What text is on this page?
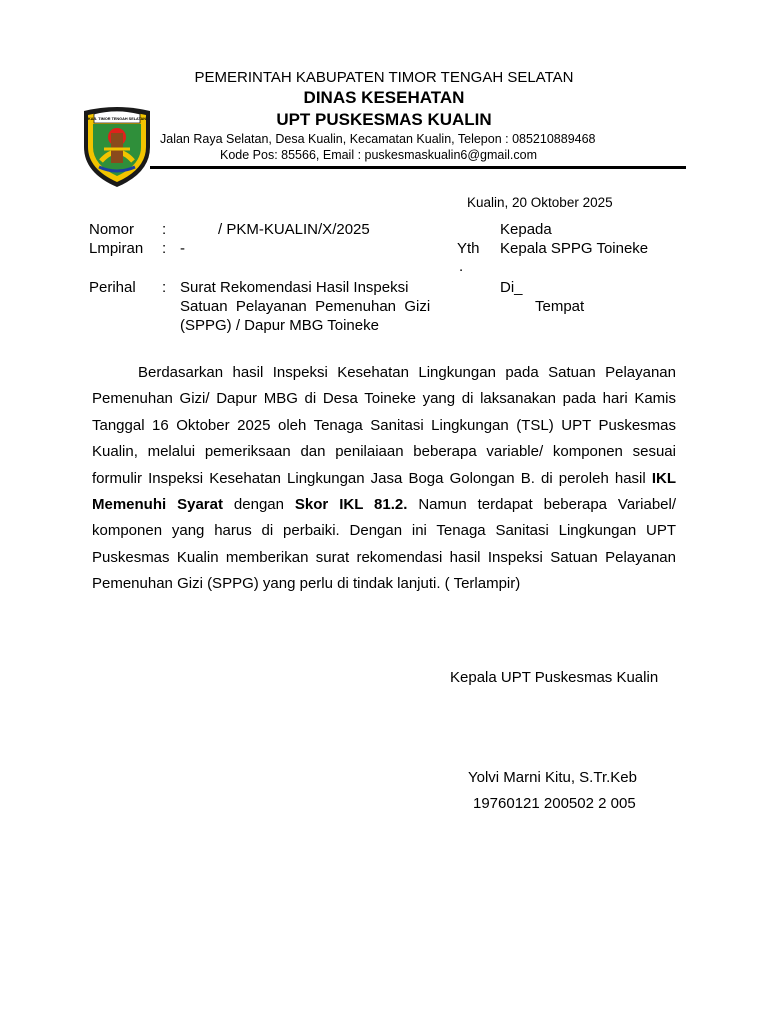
KAB. TIMOR TENGAH SELATAN
PEMERINTAH KABUPATEN TIMOR TENGAH SELATAN
DINAS KESEHATAN
UPT PUSKESMAS KUALIN
Jalan Raya Selatan, Desa Kualin, Kecamatan Kualin, Telepon : 085210889468
Kode Pos: 85566, Email : puskesmaskualin6@gmail.com
Kualin, 20 Oktober 2025
Nomor :	/ PKM-KUALIN/X/2025
Lmpiran : -
Perihal : Surat Rekomendasi Hasil Inspeksi
Satuan  Pelayanan  Pemenuhan  Gizi
(SPPG) / Dapur MBG Toineke
Kepada
Yth
.
Kepala SPPG Toineke
Di_
Tempat
Berdasarkan hasil Inspeksi Kesehatan Lingkungan pada Satuan Pelayanan Pemenuhan Gizi/ Dapur MBG di Desa Toineke yang di laksanakan pada hari Kamis Tanggal 16 Oktober 2025 oleh Tenaga Sanitasi Lingkungan (TSL) UPT Puskesmas Kualin, melalui pemeriksaan dan penilaiaan beberapa variable/ komponen sesuai formulir Inspeksi Kesehatan Lingkungan Jasa Boga Golongan B. di peroleh hasil IKL Memenuhi Syarat dengan Skor IKL 81.2. Namun terdapat beberapa Variabel/ komponen yang harus di perbaiki. Dengan ini Tenaga Sanitasi Lingkungan UPT Puskesmas Kualin memberikan surat rekomendasi hasil Inspeksi Satuan Pelayanan Pemenuhan Gizi (SPPG) yang perlu di tindak lanjuti. ( Terlampir)
Kepala UPT Puskesmas Kualin
Yolvi Marni Kitu, S.Tr.Keb
19760121 200502 2 005
